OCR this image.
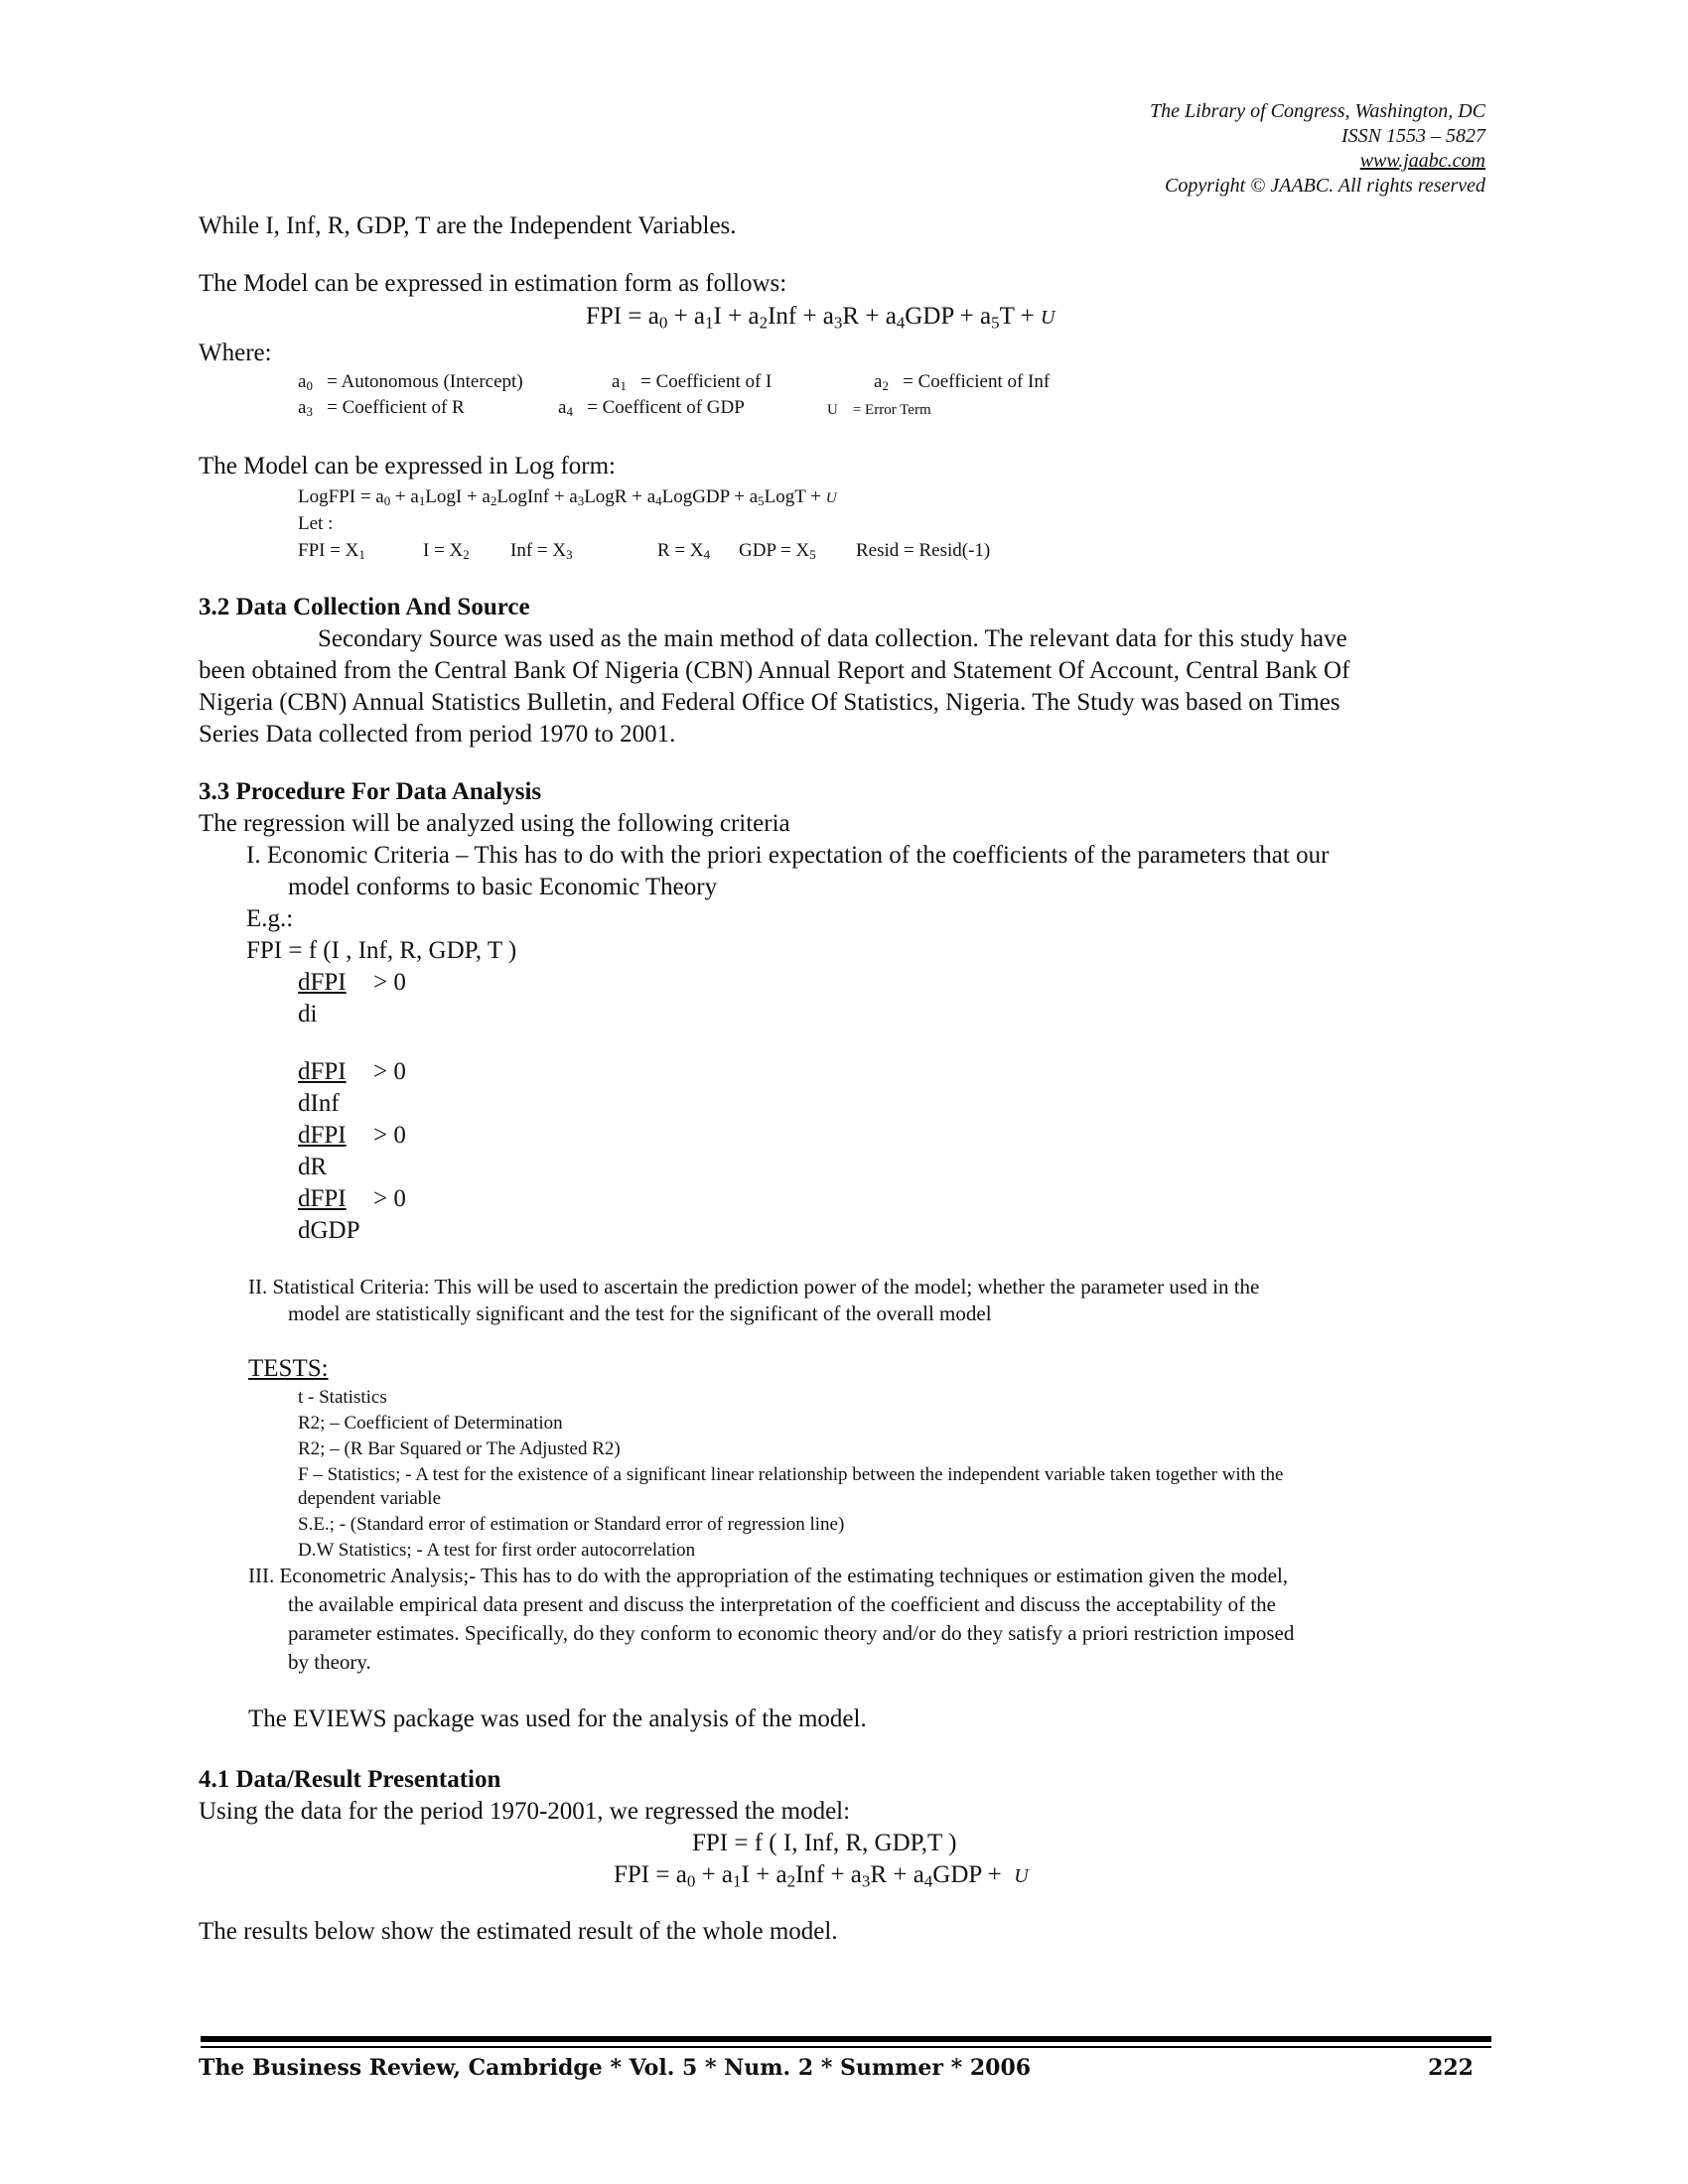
The Library of Congress, Washington, DC
ISSN 1553 – 5827
www.jaabc.com
Copyright © JAABC. All rights reserved
While I, Inf, R, GDP, T are the Independent Variables.
The Model can be expressed in estimation form as follows:
FPI = $a_0 + a_1I + a_2Inf + a_3R + a_4GDP + a_5T + U$
Where:
$a_0$ = Autonomous (Intercept)	$a_1$ = Coefficient of I	$a_2$ = Coefficient of Inf
$a_3$ = Coefficient of R	$a_4$ = Coefficent of GDP	U    = Error Term
The Model can be expressed in Log form:
LogFPI = $a_0$ + $a_1LogI$ + $a_2LogInf$ + $a_3LogR$ + $a_4LogGDP$ + $a_5LogT + U$
Let :
FPI = $X_1$	$I = X_2$ Inf = $X_3$	$R = X_4$ GDP = $X_5$ Resid = Resid(-1)
3.2 Data Collection And Source
Secondary Source was used as the main method of data collection. The relevant data for this study have
been obtained from the Central Bank Of Nigeria (CBN) Annual Report and Statement Of Account, Central Bank Of
Nigeria (CBN) Annual Statistics Bulletin, and Federal Office Of Statistics, Nigeria. The Study was based on Times
Series Data collected from period 1970 to 2001.
3.3 Procedure For Data Analysis
The regression will be analyzed using the following criteria
I. Economic Criteria – This has to do with the priori expectation of the coefficients of the parameters that our
model conforms to basic Economic Theory
E.g.:
FPI = f (I , Inf, R, GDP, T )
dFPI > 0
di
dFPI > 0
dInf
dFPI > 0
dR
dFPI > 0
dGDP
II. Statistical Criteria: This will be used to ascertain the prediction power of the model; whether the parameter used in the
model are statistically significant and the test for the significant of the overall model
TESTS:
t - Statistics
R2; – Coefficient of Determination
R2; – (R Bar Squared or The Adjusted R2)
F – Statistics; - A test for the existence of a significant linear relationship between the independent variable taken together with the
dependent variable
S.E.; - (Standard error of estimation or Standard error of regression line)
D.W Statistics; - A test for first order autocorrelation
III. Econometric Analysis;- This has to do with the appropriation of the estimating techniques or estimation given the model,
the available empirical data present and discuss the interpretation of the coefficient and discuss the acceptability of the
parameter estimates. Specifically, do they conform to economic theory and/or do they satisfy a priori restriction imposed
by theory.
The EVIEWS package was used for the analysis of the model.
4.1 Data/Result Presentation
Using the data for the period 1970-2001, we regressed the model:
FPI = f ( I, Inf, R, GDP,T )
FPI = $a_0 + a_1I + a_2Inf + a_3R + a_4GDP + U$
The results below show the estimated result of the whole model.
The Business Review, Cambridge * Vol. 5 * Num. 2 * Summer * 2006	222
